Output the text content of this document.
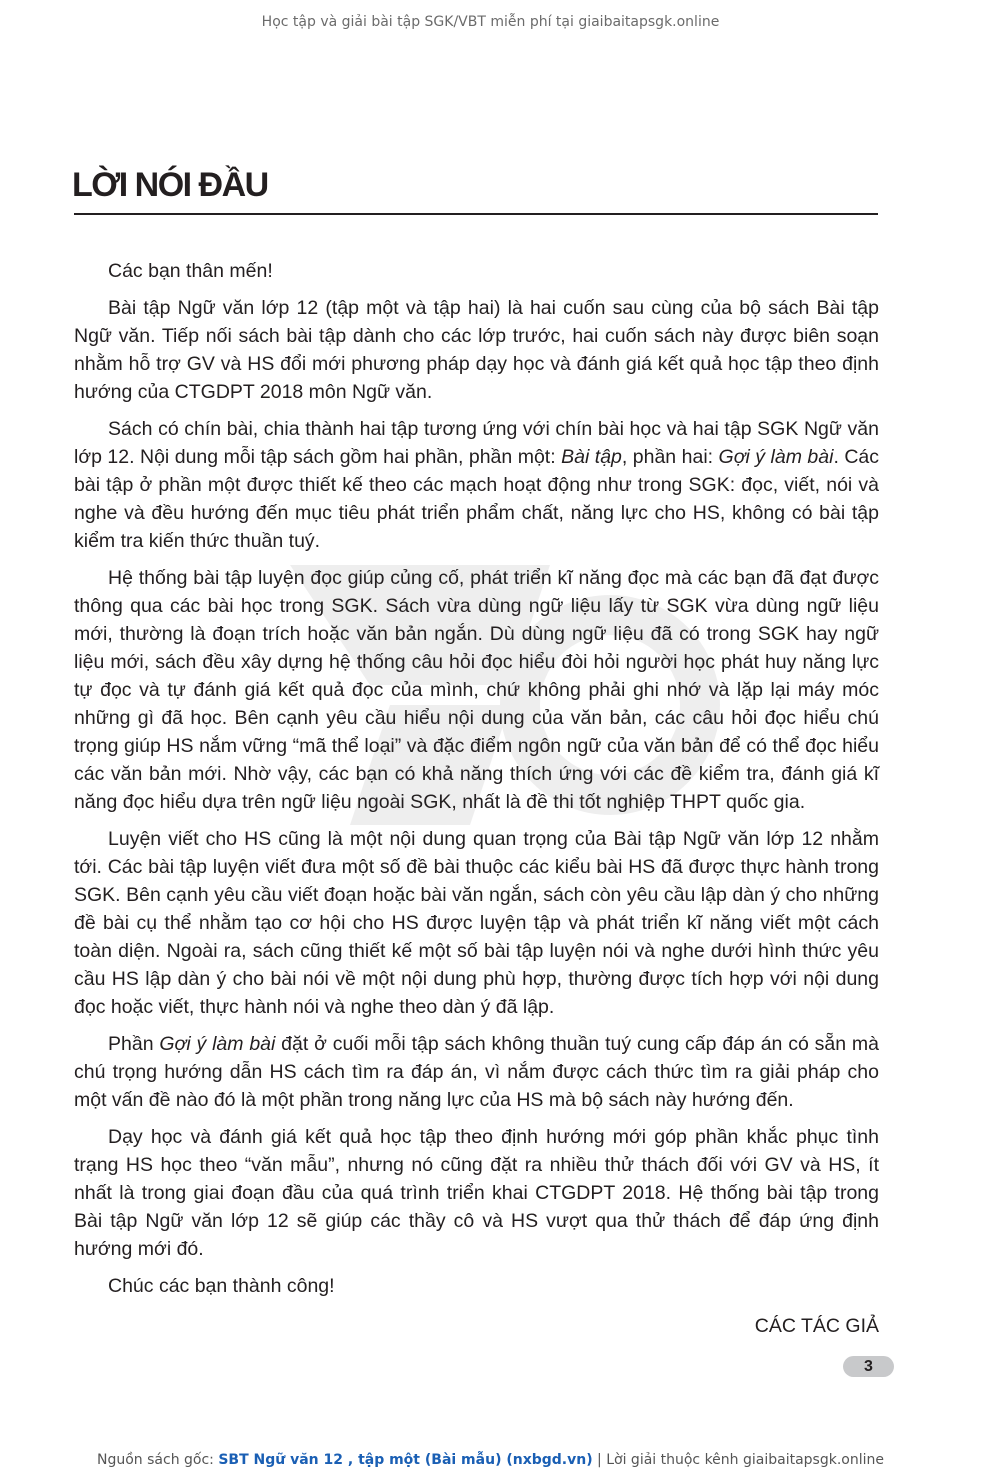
Học tập và giải bài tập SGK/VBT miễn phí tại giaibaitapsgk.online
LỜI NÓI ĐẦU

Các bạn thân mến!

Bài tập Ngữ văn lớp 12 (tập một và tập hai) là hai cuốn sau cùng của bộ sách Bài tập Ngữ văn. Tiếp nối sách bài tập dành cho các lớp trước, hai cuốn sách này được biên soạn nhằm hỗ trợ GV và HS đổi mới phương pháp dạy học và đánh giá kết quả học tập theo định hướng của CTGDPT 2018 môn Ngữ văn.

Sách có chín bài, chia thành hai tập tương ứng với chín bài học và hai tập SGK Ngữ văn lớp 12. Nội dung mỗi tập sách gồm hai phần, phần một: Bài tập, phần hai: Gợi ý làm bài. Các bài tập ở phần một được thiết kế theo các mạch hoạt động như trong SGK: đọc, viết, nói và nghe và đều hướng đến mục tiêu phát triển phẩm chất, năng lực cho HS, không có bài tập kiểm tra kiến thức thuần tuý.

Hệ thống bài tập luyện đọc giúp củng cố, phát triển kĩ năng đọc mà các bạn đã đạt được thông qua các bài học trong SGK. Sách vừa dùng ngữ liệu lấy từ SGK vừa dùng ngữ liệu mới, thường là đoạn trích hoặc văn bản ngắn. Dù dùng ngữ liệu đã có trong SGK hay ngữ liệu mới, sách đều xây dựng hệ thống câu hỏi đọc hiểu đòi hỏi người học phát huy năng lực tự đọc và tự đánh giá kết quả đọc của mình, chứ không phải ghi nhớ và lặp lại máy móc những gì đã học. Bên cạnh yêu cầu hiểu nội dung của văn bản, các câu hỏi đọc hiểu chú trọng giúp HS nắm vững “mã thể loại” và đặc điểm ngôn ngữ của văn bản để có thể đọc hiểu các văn bản mới. Nhờ vậy, các bạn có khả năng thích ứng với các đề kiểm tra, đánh giá kĩ năng đọc hiểu dựa trên ngữ liệu ngoài SGK, nhất là đề thi tốt nghiệp THPT quốc gia.

Luyện viết cho HS cũng là một nội dung quan trọng của Bài tập Ngữ văn lớp 12 nhằm tới. Các bài tập luyện viết đưa một số đề bài thuộc các kiểu bài HS đã được thực hành trong SGK. Bên cạnh yêu cầu viết đoạn hoặc bài văn ngắn, sách còn yêu cầu lập dàn ý cho những đề bài cụ thể nhằm tạo cơ hội cho HS được luyện tập và phát triển kĩ năng viết một cách toàn diện. Ngoài ra, sách cũng thiết kế một số bài tập luyện nói và nghe dưới hình thức yêu cầu HS lập dàn ý cho bài nói về một nội dung phù hợp, thường được tích hợp với nội dung đọc hoặc viết, thực hành nói và nghe theo dàn ý đã lập.

Phần Gợi ý làm bài đặt ở cuối mỗi tập sách không thuần tuý cung cấp đáp án có sẵn mà chú trọng hướng dẫn HS cách tìm ra đáp án, vì nắm được cách thức tìm ra giải pháp cho một vấn đề nào đó là một phần trong năng lực của HS mà bộ sách này hướng đến.

Dạy học và đánh giá kết quả học tập theo định hướng mới góp phần khắc phục tình trạng HS học theo “văn mẫu”, nhưng nó cũng đặt ra nhiều thử thách đối với GV và HS, ít nhất là trong giai đoạn đầu của quá trình triển khai CTGDPT 2018. Hệ thống bài tập trong Bài tập Ngữ văn lớp 12 sẽ giúp các thầy cô và HS vượt qua thử thách để đáp ứng định hướng mới đó.

Chúc các bạn thành công!

CÁC TÁC GIẢ

3
Nguồn sách gốc: SBT Ngữ văn 12 , tập một (Bài mẫu) (nxbgd.vn) | Lời giải thuộc kênh giaibaitapsgk.online
